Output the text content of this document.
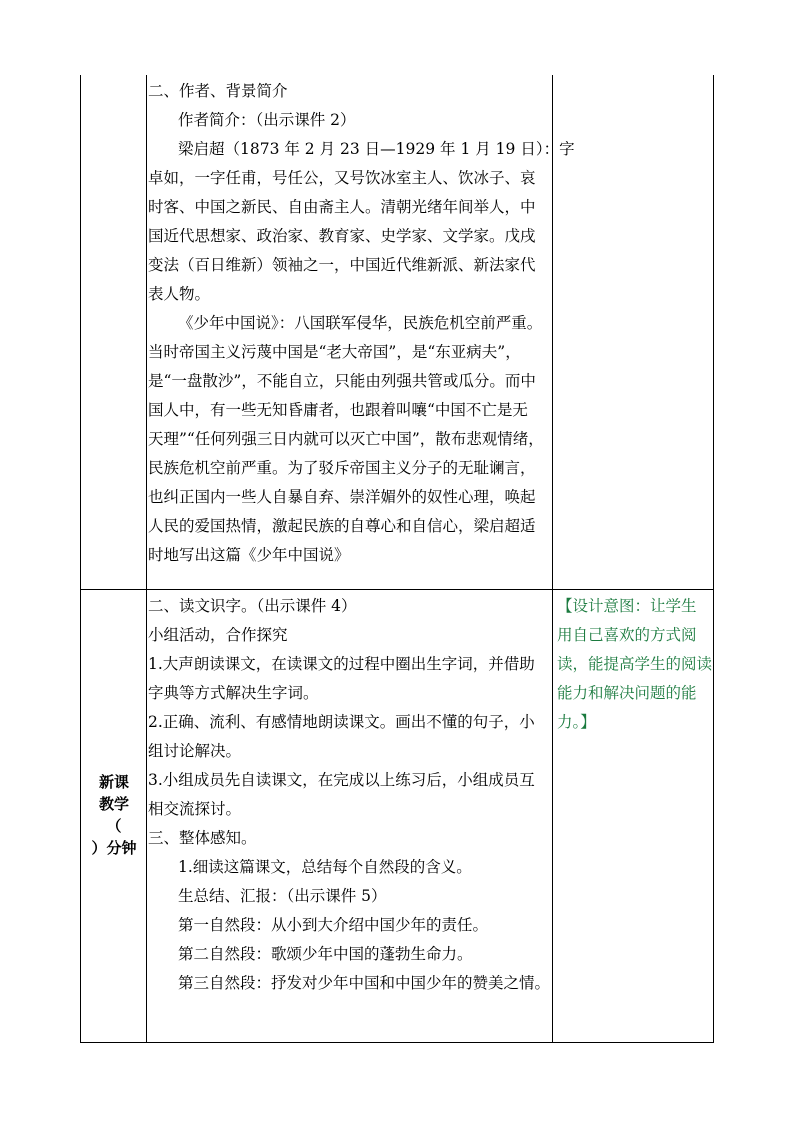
二、作者、背景简介

作者简介：（出示课件 2）

梁启超（1873 年 2 月 23 日—1929 年 1 月 19 日）：字

卓如，一字任甫，号任公，又号饮冰室主人、饮冰子、哀

时客、中国之新民、自由斋主人。清朝光绪年间举人，中

国近代思想家、政治家、教育家、史学家、文学家。戊戌

变法（百日维新）领袖之一，中国近代维新派、新法家代

表人物。

《少年中国说》：八国联军侵华，民族危机空前严重。

当时帝国主义污蔑中国是“老大帝国”，是“东亚病夫”，

是“一盘散沙”，不能自立，只能由列强共管或瓜分。而中

国人中，有一些无知昏庸者，也跟着叫嚷“中国不亡是无

天理”“任何列强三日内就可以灭亡中国”，散布悲观情绪，

民族危机空前严重。为了驳斥帝国主义分子的无耻谰言，

也纠正国内一些人自暴自弃、崇洋媚外的奴性心理，唤起

人民的爱国热情，激起民族的自尊心和自信心，梁启超适

时地写出这篇《少年中国说》

新课
教学
（
）分钟

二、读文识字。（出示课件 4）

小组活动，合作探究

1.大声朗读课文，在读课文的过程中圈出生字词，并借助

字典等方式解决生字词。

2.正确、流利、有感情地朗读课文。画出不懂的句子，小

组讨论解决。

3.小组成员先自读课文，在完成以上练习后，小组成员互

相交流探讨。

三、整体感知。

1.细读这篇课文，总结每个自然段的含义。

生总结、汇报：（出示课件 5）

第一自然段：从小到大介绍中国少年的责任。

第二自然段：歌颂少年中国的蓬勃生命力。

第三自然段：抒发对少年中国和中国少年的赞美之情。

【设计意图：让学生

用自己喜欢的方式阅

读，能提高学生的阅读

能力和解决问题的能

力。】
